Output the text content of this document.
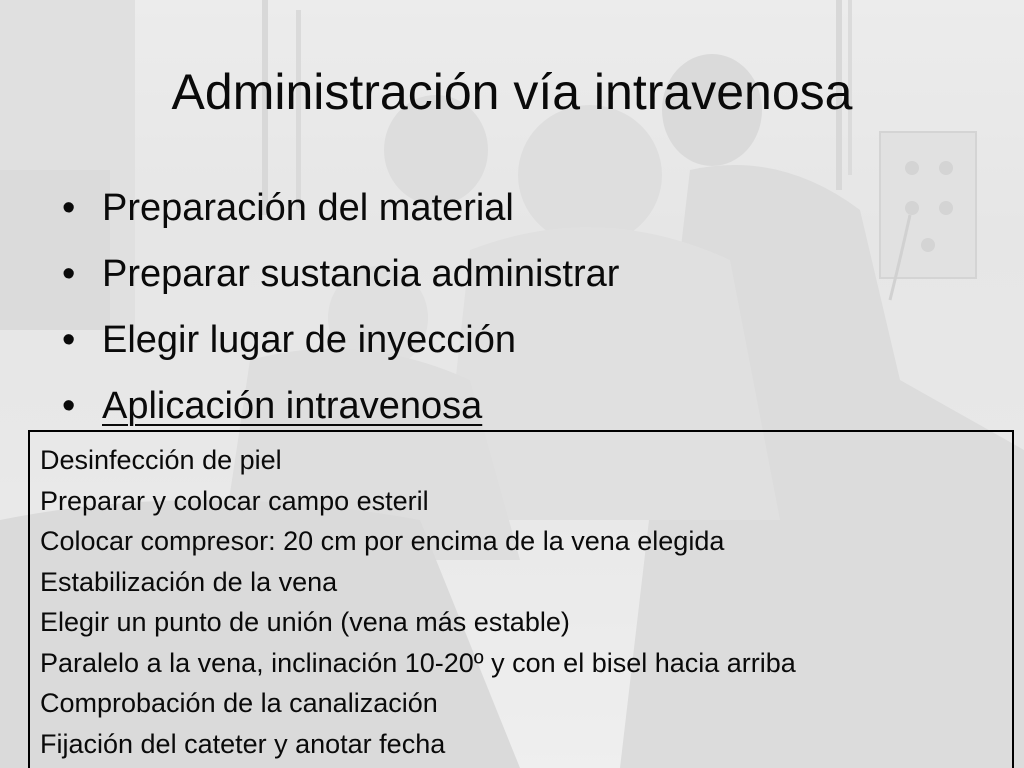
Administración vía intravenosa
• Preparación del material
• Preparar sustancia administrar
• Elegir lugar de inyección
• Aplicación intravenosa
Desinfección de piel
Preparar y colocar campo esteril
Colocar compresor: 20 cm por encima de la vena elegida
Estabilización de la vena
Elegir un punto de unión (vena más estable)
Paralelo a la vena, inclinación 10-20º y con el bisel hacia arriba
Comprobación de la canalización
Fijación del cateter y anotar fecha
